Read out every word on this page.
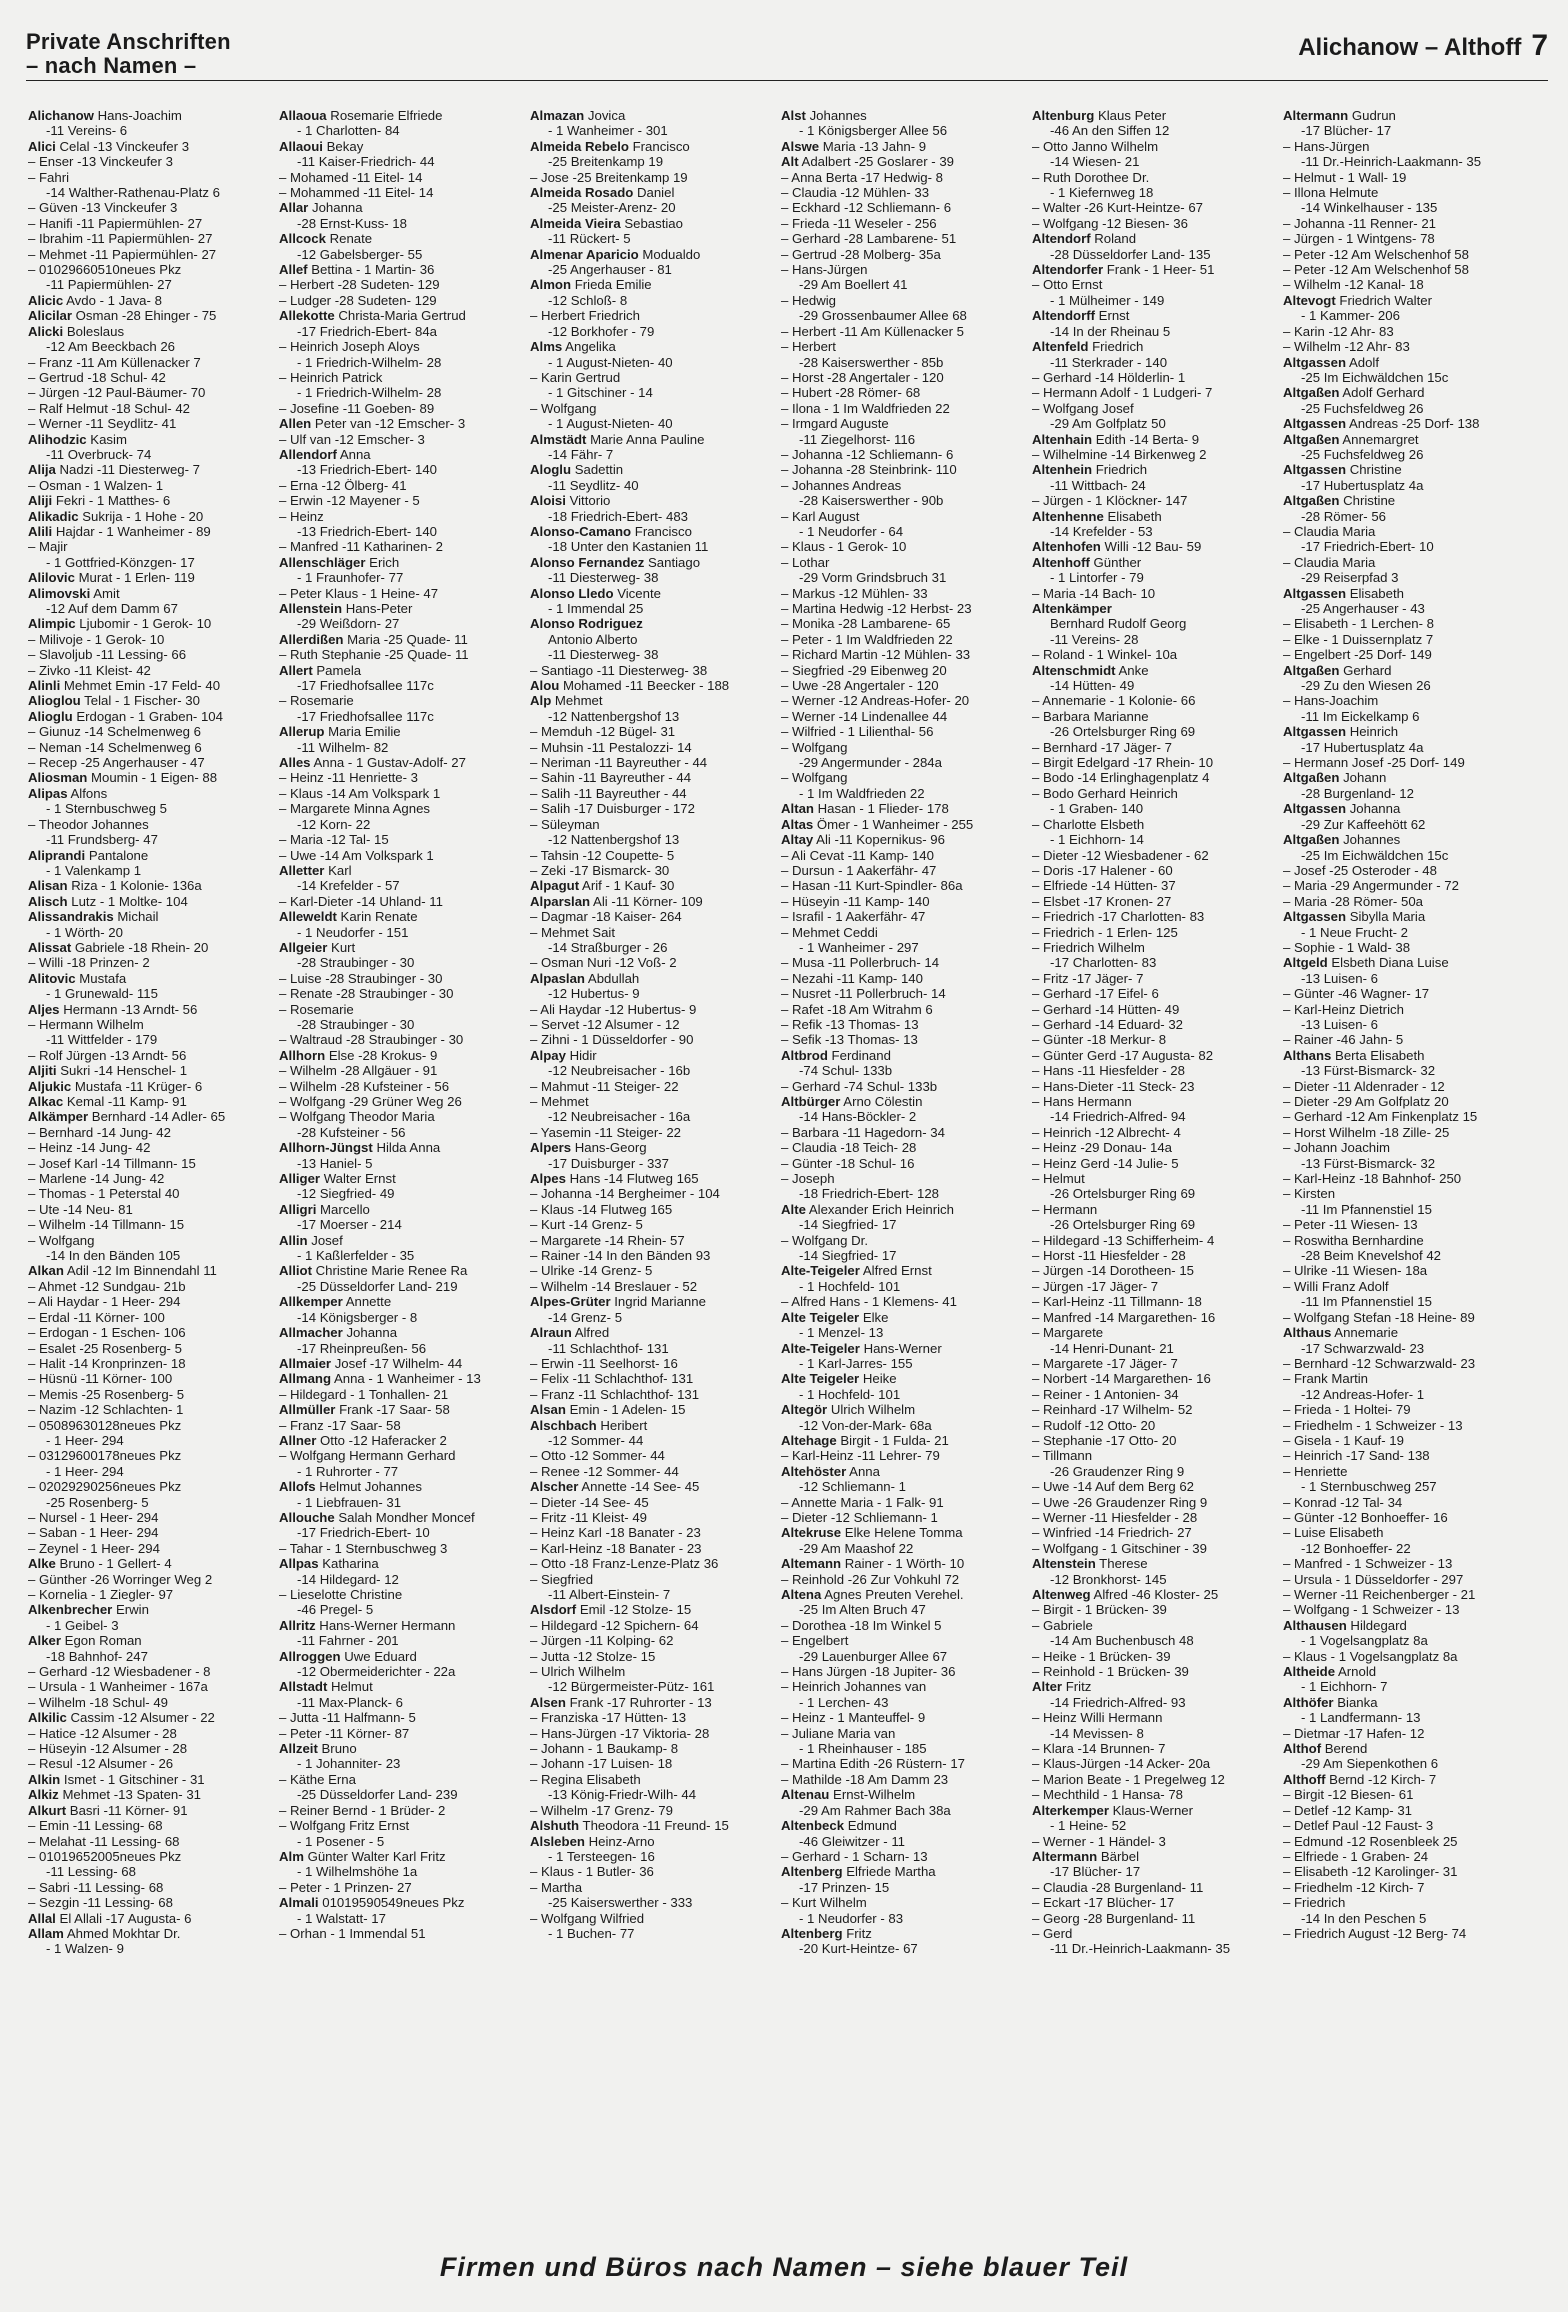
Private Anschriften
– nach Namen –
Alichanow – Althoff 7
Alichanow Hans-Joachim
-11 Vereins- 6
Alici Celal -13 Vinckeufer 3
– Enser -13 Vinckeufer 3
– Fahri
-14 Walther-Rathenau-Platz 6
– Güven -13 Vinckeufer 3
– Hanifi -11 Papiermühlen- 27
– Ibrahim -11 Papiermühlen- 27
– Mehmet -11 Papiermühlen- 27
– 01029660510neues Pkz
-11 Papiermühlen- 27
Alicic Avdo - 1 Java- 8
Alicilar Osman -28 Ehinger - 75
Alicki Boleslaus
-12 Am Beeckbach 26
– Franz -11 Am Küllenacker 7
– Gertrud -18 Schul- 42
– Jürgen -12 Paul-Bäumer- 70
– Ralf Helmut -18 Schul- 42
– Werner -11 Seydlitz- 41
Alihodzic Kasim
-11 Overbruck- 74
Alija Nadzi -11 Diesterweg- 7
– Osman - 1 Walzen- 1
Aliji Fekri - 1 Matthes- 6
Alikadic Sukrija - 1 Hohe - 20
Alili Hajdar - 1 Wanheimer - 89
– Majir
- 1 Gottfried-Könzgen- 17
Alilovic Murat - 1 Erlen- 119
Alimovski Amit
-12 Auf dem Damm 67
Alimpic Ljubomir - 1 Gerok- 10
– Milivoje - 1 Gerok- 10
– Slavoljub -11 Lessing- 66
– Zivko -11 Kleist- 42
Alinli Mehmet Emin -17 Feld- 40
Alioglou Telal - 1 Fischer- 30
Alioglu Erdogan - 1 Graben- 104
– Giunuz -14 Schelmenweg 6
– Neman -14 Schelmenweg 6
– Recep -25 Angerhauser - 47
Aliosman Moumin - 1 Eigen- 88
Alipas Alfons
- 1 Sternbuschweg 5
– Theodor Johannes
-11 Frundsberg- 47
Aliprandi Pantalone
- 1 Valenkamp 1
Alisan Riza - 1 Kolonie- 136a
Alisch Lutz - 1 Moltke- 104
Alissandrakis Michail
- 1 Wörth- 20
Alissat Gabriele -18 Rhein- 20
– Willi -18 Prinzen- 2
Alitovic Mustafa
- 1 Grunewald- 115
Aljes Hermann -13 Arndt- 56
– Hermann Wilhelm
-11 Wittfelder - 179
– Rolf Jürgen -13 Arndt- 56
Aljiti Sukri -14 Henschel- 1
Aljukic Mustafa -11 Krüger- 6
Alkac Kemal -11 Kamp- 91
Alkämper Bernhard -14 Adler- 65
– Bernhard -14 Jung- 42
– Heinz -14 Jung- 42
– Josef Karl -14 Tillmann- 15
– Marlene -14 Jung- 42
– Thomas - 1 Peterstal 40
– Ute -14 Neu- 81
– Wilhelm -14 Tillmann- 15
– Wolfgang
-14 In den Bänden 105
Alkan Adil -12 Im Binnendahl 11
– Ahmet -12 Sundgau- 21b
– Ali Haydar - 1 Heer- 294
– Erdal -11 Körner- 100
– Erdogan - 1 Eschen- 106
– Esalet -25 Rosenberg- 5
– Halit -14 Kronprinzen- 18
– Hüsnü -11 Körner- 100
– Memis -25 Rosenberg- 5
– Nazim -12 Schlachten- 1
– 05089630128neues Pkz
- 1 Heer- 294
– 03129600178neues Pkz
- 1 Heer- 294
– 02029290256neues Pkz
-25 Rosenberg- 5
– Nursel - 1 Heer- 294
– Saban - 1 Heer- 294
– Zeynel - 1 Heer- 294
Alke Bruno - 1 Gellert- 4
– Günther -26 Worringer Weg 2
– Kornelia - 1 Ziegler- 97
Alkenbrecher Erwin
- 1 Geibel- 3
Alker Egon Roman
-18 Bahnhof- 247
– Gerhard -12 Wiesbadener - 8
– Ursula - 1 Wanheimer - 167a
– Wilhelm -18 Schul- 49
Alkilic Cassim -12 Alsumer - 22
– Hatice -12 Alsumer - 28
– Hüseyin -12 Alsumer - 28
– Resul -12 Alsumer - 26
Alkin Ismet - 1 Gitschiner - 31
Alkiz Mehmet -13 Spaten- 31
Alkurt Basri -11 Körner- 91
– Emin -11 Lessing- 68
– Melahat -11 Lessing- 68
– 01019652005neues Pkz
-11 Lessing- 68
– Sabri -11 Lessing- 68
– Sezgin -11 Lessing- 68
Allal El Allali -17 Augusta- 6
Allam Ahmed Mokhtar Dr.
- 1 Walzen- 9
Allaoua Rosemarie Elfriede
- 1 Charlotten- 84
Allaoui Bekay
-11 Kaiser-Friedrich- 44
– Mohamed -11 Eitel- 14
– Mohammed -11 Eitel- 14
Allar Johanna
-28 Ernst-Kuss- 18
Allcock Renate
-12 Gabelsberger- 55
Allef Bettina - 1 Martin- 36
– Herbert -28 Sudeten- 129
– Ludger -28 Sudeten- 129
Allekotte Christa-Maria Gertrud
-17 Friedrich-Ebert- 84a
– Heinrich Joseph Aloys
- 1 Friedrich-Wilhelm- 28
– Heinrich Patrick
- 1 Friedrich-Wilhelm- 28
– Josefine -11 Goeben- 89
Allen Peter van -12 Emscher- 3
– Ulf van -12 Emscher- 3
Allendorf Anna
-13 Friedrich-Ebert- 140
– Erna -12 Ölberg- 41
– Erwin -12 Mayener - 5
– Heinz
-13 Friedrich-Ebert- 140
– Manfred -11 Katharinen- 2
Allenschläger Erich
- 1 Fraunhofer- 77
– Peter Klaus - 1 Heine- 47
Allenstein Hans-Peter
-29 Weißdorn- 27
Allerdißen Maria -25 Quade- 11
– Ruth Stephanie -25 Quade- 11
Allert Pamela
-17 Friedhofsallee 117c
– Rosemarie
-17 Friedhofsallee 117c
Allerup Maria Emilie
-11 Wilhelm- 82
Alles Anna - 1 Gustav-Adolf- 27
– Heinz -11 Henriette- 3
– Klaus -14 Am Volkspark 1
– Margarete Minna Agnes
-12 Korn- 22
– Maria -12 Tal- 15
– Uwe -14 Am Volkspark 1
Alletter Karl
-14 Krefelder - 57
– Karl-Dieter -14 Uhland- 11
Alleweldt Karin Renate
- 1 Neudorfer - 151
Allgeier Kurt
-28 Straubinger - 30
– Luise -28 Straubinger - 30
– Renate -28 Straubinger - 30
– Rosemarie
-28 Straubinger - 30
– Waltraud -28 Straubinger - 30
Allhorn Else -28 Krokus- 9
– Wilhelm -28 Allgäuer - 91
– Wilhelm -28 Kufsteiner - 56
– Wolfgang -29 Grüner Weg 26
– Wolfgang Theodor Maria
-28 Kufsteiner - 56
Allhorn-Jüngst Hilda Anna
-13 Haniel- 5
Alliger Walter Ernst
-12 Siegfried- 49
Alligri Marcello
-17 Moerser - 214
Allin Josef
- 1 Kaßlerfelder - 35
Alliot Christine Marie Renee Ra
-25 Düsseldorfer Land- 219
Allkemper Annette
-14 Königsberger - 8
Allmacher Johanna
-17 Rheinpreußen- 56
Allmaier Josef -17 Wilhelm- 44
Allmang Anna - 1 Wanheimer - 13
– Hildegard - 1 Tonhallen- 21
Allmüller Frank -17 Saar- 58
– Franz -17 Saar- 58
Allner Otto -12 Haferacker 2
– Wolfgang Hermann Gerhard
- 1 Ruhrorter - 77
Allofs Helmut Johannes
- 1 Liebfrauen- 31
Allouche Salah Mondher Moncef
-17 Friedrich-Ebert- 10
– Tahar - 1 Sternbuschweg 3
Allpas Katharina
-14 Hildegard- 12
– Lieselotte Christine
-46 Pregel- 5
Allritz Hans-Werner Hermann
-11 Fahrner - 201
Allroggen Uwe Eduard
-12 Obermeiderichter - 22a
Allstadt Helmut
-11 Max-Planck- 6
– Jutta -11 Halfmann- 5
– Peter -11 Körner- 87
Allzeit Bruno
- 1 Johanniter- 23
– Käthe Erna
-25 Düsseldorfer Land- 239
– Reiner Bernd - 1 Brüder- 2
– Wolfgang Fritz Ernst
- 1 Posener - 5
Alm Günter Walter Karl Fritz
- 1 Wilhelmshöhe 1a
– Peter - 1 Prinzen- 27
Almali 01019590549neues Pkz
- 1 Walstatt- 17
– Orhan - 1 Immendal 51
Almazan Jovica
- 1 Wanheimer - 301
Almeida Rebelo Francisco
-25 Breitenkamp 19
– Jose -25 Breitenkamp 19
Almeida Rosado Daniel
-25 Meister-Arenz- 20
Almeida Vieira Sebastiao
-11 Rückert- 5
Almenar Aparicio Modualdo
-25 Angerhauser - 81
Almon Frieda Emilie
-12 Schloß- 8
– Herbert Friedrich
-12 Borkhofer - 79
Alms Angelika
- 1 August-Nieten- 40
– Karin Gertrud
- 1 Gitschiner - 14
– Wolfgang
- 1 August-Nieten- 40
Almstädt Marie Anna Pauline
-14 Fähr- 7
Aloglu Sadettin
-11 Seydlitz- 40
Aloisi Vittorio
-18 Friedrich-Ebert- 483
Alonso-Camano Francisco
-18 Unter den Kastanien 11
Alonso Fernandez Santiago
-11 Diesterweg- 38
Alonso Lledo Vicente
- 1 Immendal 25
Alonso Rodriguez
Antonio Alberto
-11 Diesterweg- 38
– Santiago -11 Diesterweg- 38
Alou Mohamed -11 Beecker - 188
Alp Mehmet
-12 Nattenbergshof 13
– Memduh -12 Bügel- 31
– Muhsin -11 Pestalozzi- 14
– Neriman -11 Bayreuther - 44
– Sahin -11 Bayreuther - 44
– Salih -11 Bayreuther - 44
– Salih -17 Duisburger - 172
– Süleyman
-12 Nattenbergshof 13
– Tahsin -12 Coupette- 5
– Zeki -17 Bismarck- 30
Alpagut Arif - 1 Kauf- 30
Alparslan Ali -11 Körner- 109
– Dagmar -18 Kaiser- 264
– Mehmet Sait
-14 Straßburger - 26
– Osman Nuri -12 Voß- 2
Alpaslan Abdullah
-12 Hubertus- 9
– Ali Haydar -12 Hubertus- 9
– Servet -12 Alsumer - 12
– Zihni - 1 Düsseldorfer - 90
Alpay Hidir
-12 Neubreisacher - 16b
– Mahmut -11 Steiger- 22
– Mehmet
-12 Neubreisacher - 16a
– Yasemin -11 Steiger- 22
Alpers Hans-Georg
-17 Duisburger - 337
Alpes Hans -14 Flutweg 165
– Johanna -14 Bergheimer - 104
– Klaus -14 Flutweg 165
– Kurt -14 Grenz- 5
– Margarete -14 Rhein- 57
– Rainer -14 In den Bänden 93
– Ulrike -14 Grenz- 5
– Wilhelm -14 Breslauer - 52
Alpes-Grüter Ingrid Marianne
-14 Grenz- 5
Alraun Alfred
-11 Schlachthof- 131
– Erwin -11 Seelhorst- 16
– Felix -11 Schlachthof- 131
– Franz -11 Schlachthof- 131
Alsan Emin - 1 Adelen- 15
Alschbach Heribert
-12 Sommer- 44
– Otto -12 Sommer- 44
– Renee -12 Sommer- 44
Alscher Annette -14 See- 45
– Dieter -14 See- 45
– Fritz -11 Kleist- 49
– Heinz Karl -18 Banater - 23
– Karl-Heinz -18 Banater - 23
– Otto -18 Franz-Lenze-Platz 36
– Siegfried
-11 Albert-Einstein- 7
Alsdorf Emil -12 Stolze- 15
– Hildegard -12 Spichern- 64
– Jürgen -11 Kolping- 62
– Jutta -12 Stolze- 15
– Ulrich Wilhelm
-12 Bürgermeister-Pütz- 161
Alsen Frank -17 Ruhrorter - 13
– Franziska -17 Hütten- 13
– Hans-Jürgen -17 Viktoria- 28
– Johann - 1 Baukamp- 8
– Johann -17 Luisen- 18
– Regina Elisabeth
-13 König-Friedr-Wilh- 44
– Wilhelm -17 Grenz- 79
Alshuth Theodora -11 Freund- 15
Alsleben Heinz-Arno
- 1 Tersteegen- 16
– Klaus - 1 Butler- 36
– Martha
-25 Kaiserswerther - 333
– Wolfgang Wilfried
- 1 Buchen- 77
Alst Johannes
- 1 Königsberger Allee 56
Alswe Maria -13 Jahn- 9
Alt Adalbert -25 Goslarer - 39
– Anna Berta -17 Hedwig- 8
– Claudia -12 Mühlen- 33
– Eckhard -12 Schliemann- 6
– Frieda -11 Weseler - 256
– Gerhard -28 Lambarene- 51
– Gertrud -28 Molberg- 35a
– Hans-Jürgen
-29 Am Boellert 41
– Hedwig
-29 Grossenbaumer Allee 68
– Herbert -11 Am Küllenacker 5
– Herbert
-28 Kaiserswerther - 85b
– Horst -28 Angertaler - 120
– Hubert -28 Römer- 68
– Ilona - 1 Im Waldfrieden 22
– Irmgard Auguste
-11 Ziegelhorst- 116
– Johanna -12 Schliemann- 6
– Johanna -28 Steinbrink- 110
– Johannes Andreas
-28 Kaiserswerther - 90b
– Karl August
- 1 Neudorfer - 64
– Klaus - 1 Gerok- 10
– Lothar
-29 Vorm Grindsbruch 31
– Markus -12 Mühlen- 33
– Martina Hedwig -12 Herbst- 23
– Monika -28 Lambarene- 65
– Peter - 1 Im Waldfrieden 22
– Richard Martin -12 Mühlen- 33
– Siegfried -29 Eibenweg 20
– Uwe -28 Angertaler - 120
– Werner -12 Andreas-Hofer- 20
– Werner -14 Lindenallee 44
– Wilfried - 1 Lilienthal- 56
– Wolfgang
-29 Angermunder - 284a
– Wolfgang
- 1 Im Waldfrieden 22
Altan Hasan - 1 Flieder- 178
Altas Ömer - 1 Wanheimer - 255
Altay Ali -11 Kopernikus- 96
– Ali Cevat -11 Kamp- 140
– Dursun - 1 Aakerfähr- 47
– Hasan -11 Kurt-Spindler- 86a
– Hüseyin -11 Kamp- 140
– Israfil - 1 Aakerfähr- 47
– Mehmet Ceddi
- 1 Wanheimer - 297
– Musa -11 Pollerbruch- 14
– Nezahi -11 Kamp- 140
– Nusret -11 Pollerbruch- 14
– Rafet -18 Am Witrahm 6
– Refik -13 Thomas- 13
– Sefik -13 Thomas- 13
Altbrod Ferdinand
-74 Schul- 133b
– Gerhard -74 Schul- 133b
Altbürger Arno Cölestin
-14 Hans-Böckler- 2
– Barbara -11 Hagedorn- 34
– Claudia -18 Teich- 28
– Günter -18 Schul- 16
– Joseph
-18 Friedrich-Ebert- 128
Alte Alexander Erich Heinrich
-14 Siegfried- 17
– Wolfgang Dr.
-14 Siegfried- 17
Alte-Teigeler Alfred Ernst
- 1 Hochfeld- 101
– Alfred Hans - 1 Klemens- 41
Alte Teigeler Elke
- 1 Menzel- 13
Alte-Teigeler Hans-Werner
- 1 Karl-Jarres- 155
Alte Teigeler Heike
- 1 Hochfeld- 101
Altegör Ulrich Wilhelm
-12 Von-der-Mark- 68a
Altehage Birgit - 1 Fulda- 21
– Karl-Heinz -11 Lehrer- 79
Altehöster Anna
-12 Schliemann- 1
– Annette Maria - 1 Falk- 91
– Dieter -12 Schliemann- 1
Altekruse Elke Helene Tomma
-29 Am Maashof 22
Altemann Rainer - 1 Wörth- 10
– Reinhold -26 Zur Vohkuhl 72
Altena Agnes Preuten Verehel.
-25 Im Alten Bruch 47
– Dorothea -18 Im Winkel 5
– Engelbert
-29 Lauenburger Allee 67
– Hans Jürgen -18 Jupiter- 36
– Heinrich Johannes van
- 1 Lerchen- 43
– Heinz - 1 Manteuffel- 9
– Juliane Maria van
- 1 Rheinhauser - 185
– Martina Edith -26 Rüstern- 17
– Mathilde -18 Am Damm 23
Altenau Ernst-Wilhelm
-29 Am Rahmer Bach 38a
Altenbeck Edmund
-46 Gleiwitzer - 11
– Gerhard - 1 Scharn- 13
Altenberg Elfriede Martha
-17 Prinzen- 15
– Kurt Wilhelm
- 1 Neudorfer - 83
Altenberg Fritz
-20 Kurt-Heintze- 67
Altenburg Klaus Peter
-46 An den Siffen 12
– Otto Janno Wilhelm
-14 Wiesen- 21
– Ruth Dorothee Dr.
- 1 Kiefernweg 18
– Walter -26 Kurt-Heintze- 67
– Wolfgang -12 Biesen- 36
Altendorf Roland
-28 Düsseldorfer Land- 135
Altendorfer Frank - 1 Heer- 51
– Otto Ernst
- 1 Mülheimer - 149
Altendorff Ernst
-14 In der Rheinau 5
Altenfeld Friedrich
-11 Sterkrader - 140
– Gerhard -14 Hölderlin- 1
– Hermann Adolf - 1 Ludgeri- 7
– Wolfgang Josef
-29 Am Golfplatz 50
Altenhain Edith -14 Berta- 9
– Wilhelmine -14 Birkenweg 2
Altenhein Friedrich
-11 Wittbach- 24
– Jürgen - 1 Klöckner- 147
Altenhenne Elisabeth
-14 Krefelder - 53
Altenhofen Willi -12 Bau- 59
Altenhoff Günther
- 1 Lintorfer - 79
– Maria -14 Bach- 10
Altenkämper
Bernhard Rudolf Georg
-11 Vereins- 28
– Roland - 1 Winkel- 10a
Altenschmidt Anke
-14 Hütten- 49
– Annemarie - 1 Kolonie- 66
– Barbara Marianne
-26 Ortelsburger Ring 69
– Bernhard -17 Jäger- 7
– Birgit Edelgard -17 Rhein- 10
– Bodo -14 Erlinghagenplatz 4
– Bodo Gerhard Heinrich
- 1 Graben- 140
– Charlotte Elsbeth
- 1 Eichhorn- 14
– Dieter -12 Wiesbadener - 62
– Doris -17 Halener - 60
– Elfriede -14 Hütten- 37
– Elsbet -17 Kronen- 27
– Friedrich -17 Charlotten- 83
– Friedrich - 1 Erlen- 125
– Friedrich Wilhelm
-17 Charlotten- 83
– Fritz -17 Jäger- 7
– Gerhard -17 Eifel- 6
– Gerhard -14 Hütten- 49
– Gerhard -14 Eduard- 32
– Günter -18 Merkur- 8
– Günter Gerd -17 Augusta- 82
– Hans -11 Hiesfelder - 28
– Hans-Dieter -11 Steck- 23
– Hans Hermann
-14 Friedrich-Alfred- 94
– Heinrich -12 Albrecht- 4
– Heinz -29 Donau- 14a
– Heinz Gerd -14 Julie- 5
– Helmut
-26 Ortelsburger Ring 69
– Hermann
-26 Ortelsburger Ring 69
– Hildegard -13 Schifferheim- 4
– Horst -11 Hiesfelder - 28
– Jürgen -14 Dorotheen- 15
– Jürgen -17 Jäger- 7
– Karl-Heinz -11 Tillmann- 18
– Manfred -14 Margarethen- 16
– Margarete
-14 Henri-Dunant- 21
– Margarete -17 Jäger- 7
– Norbert -14 Margarethen- 16
– Reiner - 1 Antonien- 34
– Reinhard -17 Wilhelm- 52
– Rudolf -12 Otto- 20
– Stephanie -17 Otto- 20
– Tillmann
-26 Graudenzer Ring 9
– Uwe -14 Auf dem Berg 62
– Uwe -26 Graudenzer Ring 9
– Werner -11 Hiesfelder - 28
– Winfried -14 Friedrich- 27
– Wolfgang - 1 Gitschiner - 39
Altenstein Therese
-12 Bronkhorst- 145
Altenweg Alfred -46 Kloster- 25
– Birgit - 1 Brücken- 39
– Gabriele
-14 Am Buchenbusch 48
– Heike - 1 Brücken- 39
– Reinhold - 1 Brücken- 39
Alter Fritz
-14 Friedrich-Alfred- 93
– Heinz Willi Hermann
-14 Mevissen- 8
– Klara -14 Brunnen- 7
– Klaus-Jürgen -14 Acker- 20a
– Marion Beate - 1 Pregelweg 12
– Mechthild - 1 Hansa- 78
Alterkemper Klaus-Werner
- 1 Heine- 52
– Werner - 1 Händel- 3
Altermann Bärbel
-17 Blücher- 17
– Claudia -28 Burgenland- 11
– Eckart -17 Blücher- 17
– Georg -28 Burgenland- 11
– Gerd
-11 Dr.-Heinrich-Laakmann- 35
Altermann Gudrun
-17 Blücher- 17
– Hans-Jürgen
-11 Dr.-Heinrich-Laakmann- 35
– Helmut - 1 Wall- 19
– Illona Helmute
-14 Winkelhauser - 135
– Johanna -11 Renner- 21
– Jürgen - 1 Wintgens- 78
– Peter -12 Am Welschenhof 58
– Peter -12 Am Welschenhof 58
– Wilhelm -12 Kanal- 18
Altevogt Friedrich Walter
- 1 Kammer- 206
– Karin -12 Ahr- 83
– Wilhelm -12 Ahr- 83
Altgassen Adolf
-25 Im Eichwäldchen 15c
Altgaßen Adolf Gerhard
-25 Fuchsfeldweg 26
Altgassen Andreas -25 Dorf- 138
Altgaßen Annemargret
-25 Fuchsfeldweg 26
Altgassen Christine
-17 Hubertusplatz 4a
Altgaßen Christine
-28 Römer- 56
– Claudia Maria
-17 Friedrich-Ebert- 10
– Claudia Maria
-29 Reiserpfad 3
Altgassen Elisabeth
-25 Angerhauser - 43
– Elisabeth - 1 Lerchen- 8
– Elke - 1 Duissernplatz 7
– Engelbert -25 Dorf- 149
Altgaßen Gerhard
-29 Zu den Wiesen 26
– Hans-Joachim
-11 Im Eickelkamp 6
Altgassen Heinrich
-17 Hubertusplatz 4a
– Hermann Josef -25 Dorf- 149
Altgaßen Johann
-28 Burgenland- 12
Altgassen Johanna
-29 Zur Kaffeehött 62
Altgaßen Johannes
-25 Im Eichwäldchen 15c
– Josef -25 Osteroder - 48
– Maria -29 Angermunder - 72
– Maria -28 Römer- 50a
Altgassen Sibylla Maria
- 1 Neue Frucht- 2
– Sophie - 1 Wald- 38
Altgeld Elsbeth Diana Luise
-13 Luisen- 6
– Günter -46 Wagner- 17
– Karl-Heinz Dietrich
-13 Luisen- 6
– Rainer -46 Jahn- 5
Althans Berta Elisabeth
-13 Fürst-Bismarck- 32
– Dieter -11 Aldenrader - 12
– Dieter -29 Am Golfplatz 20
– Gerhard -12 Am Finkenplatz 15
– Horst Wilhelm -18 Zille- 25
– Johann Joachim
-13 Fürst-Bismarck- 32
– Karl-Heinz -18 Bahnhof- 250
– Kirsten
-11 Im Pfannenstiel 15
– Peter -11 Wiesen- 13
– Roswitha Bernhardine
-28 Beim Knevelshof 42
– Ulrike -11 Wiesen- 18a
– Willi Franz Adolf
-11 Im Pfannenstiel 15
– Wolfgang Stefan -18 Heine- 89
Althaus Annemarie
-17 Schwarzwald- 23
– Bernhard -12 Schwarzwald- 23
– Frank Martin
-12 Andreas-Hofer- 1
– Frieda - 1 Holtei- 79
– Friedhelm - 1 Schweizer - 13
– Gisela - 1 Kauf- 19
– Heinrich -17 Sand- 138
– Henriette
- 1 Sternbuschweg 257
– Konrad -12 Tal- 34
– Günter -12 Bonhoeffer- 16
– Luise Elisabeth
-12 Bonhoeffer- 22
– Manfred - 1 Schweizer - 13
– Ursula - 1 Düsseldorfer - 297
– Werner -11 Reichenberger - 21
– Wolfgang - 1 Schweizer - 13
Althausen Hildegard
- 1 Vogelsangplatz 8a
– Klaus - 1 Vogelsangplatz 8a
Altheide Arnold
- 1 Eichhorn- 7
Althöfer Bianka
- 1 Landfermann- 13
– Dietmar -17 Hafen- 12
Althof Berend
-29 Am Siepenkothen 6
Althoff Bernd -12 Kirch- 7
– Birgit -12 Biesen- 61
– Detlef -12 Kamp- 31
– Detlef Paul -12 Faust- 3
– Edmund -12 Rosenbleek 25
– Elfriede - 1 Graben- 24
– Elisabeth -12 Karolinger- 31
– Friedhelm -12 Kirch- 7
– Friedrich
-14 In den Peschen 5
– Friedrich August -12 Berg- 74
Firmen und Büros nach Namen – siehe blauer Teil
